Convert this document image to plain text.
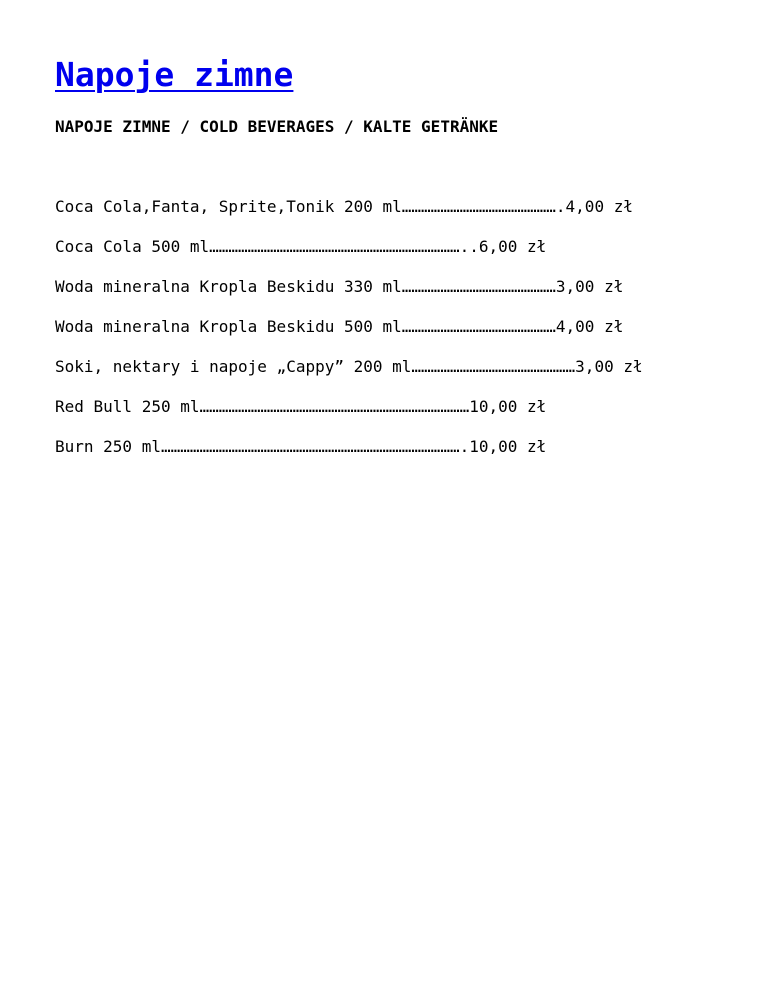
Napoje zimne

NAPOJE ZIMNE / COLD BEVERAGES / KALTE GETRÄNKE

Coca Cola,Fanta, Sprite,Tonik 200 ml………………………………………….4,00 zł
Coca Cola 500 ml……………………………………………………………………..6,00 zł
Woda mineralna Kropla Beskidu 330 ml…………………………………………3,00 zł
Woda mineralna Kropla Beskidu 500 ml…………………………………………4,00 zł
Soki, nektary i napoje „Cappy” 200 ml……………………………………………3,00 zł
Red Bull 250 ml…………………………………………………………………………10,00 zł
Burn 250 ml………………………………………………………………………………….10,00 zł
